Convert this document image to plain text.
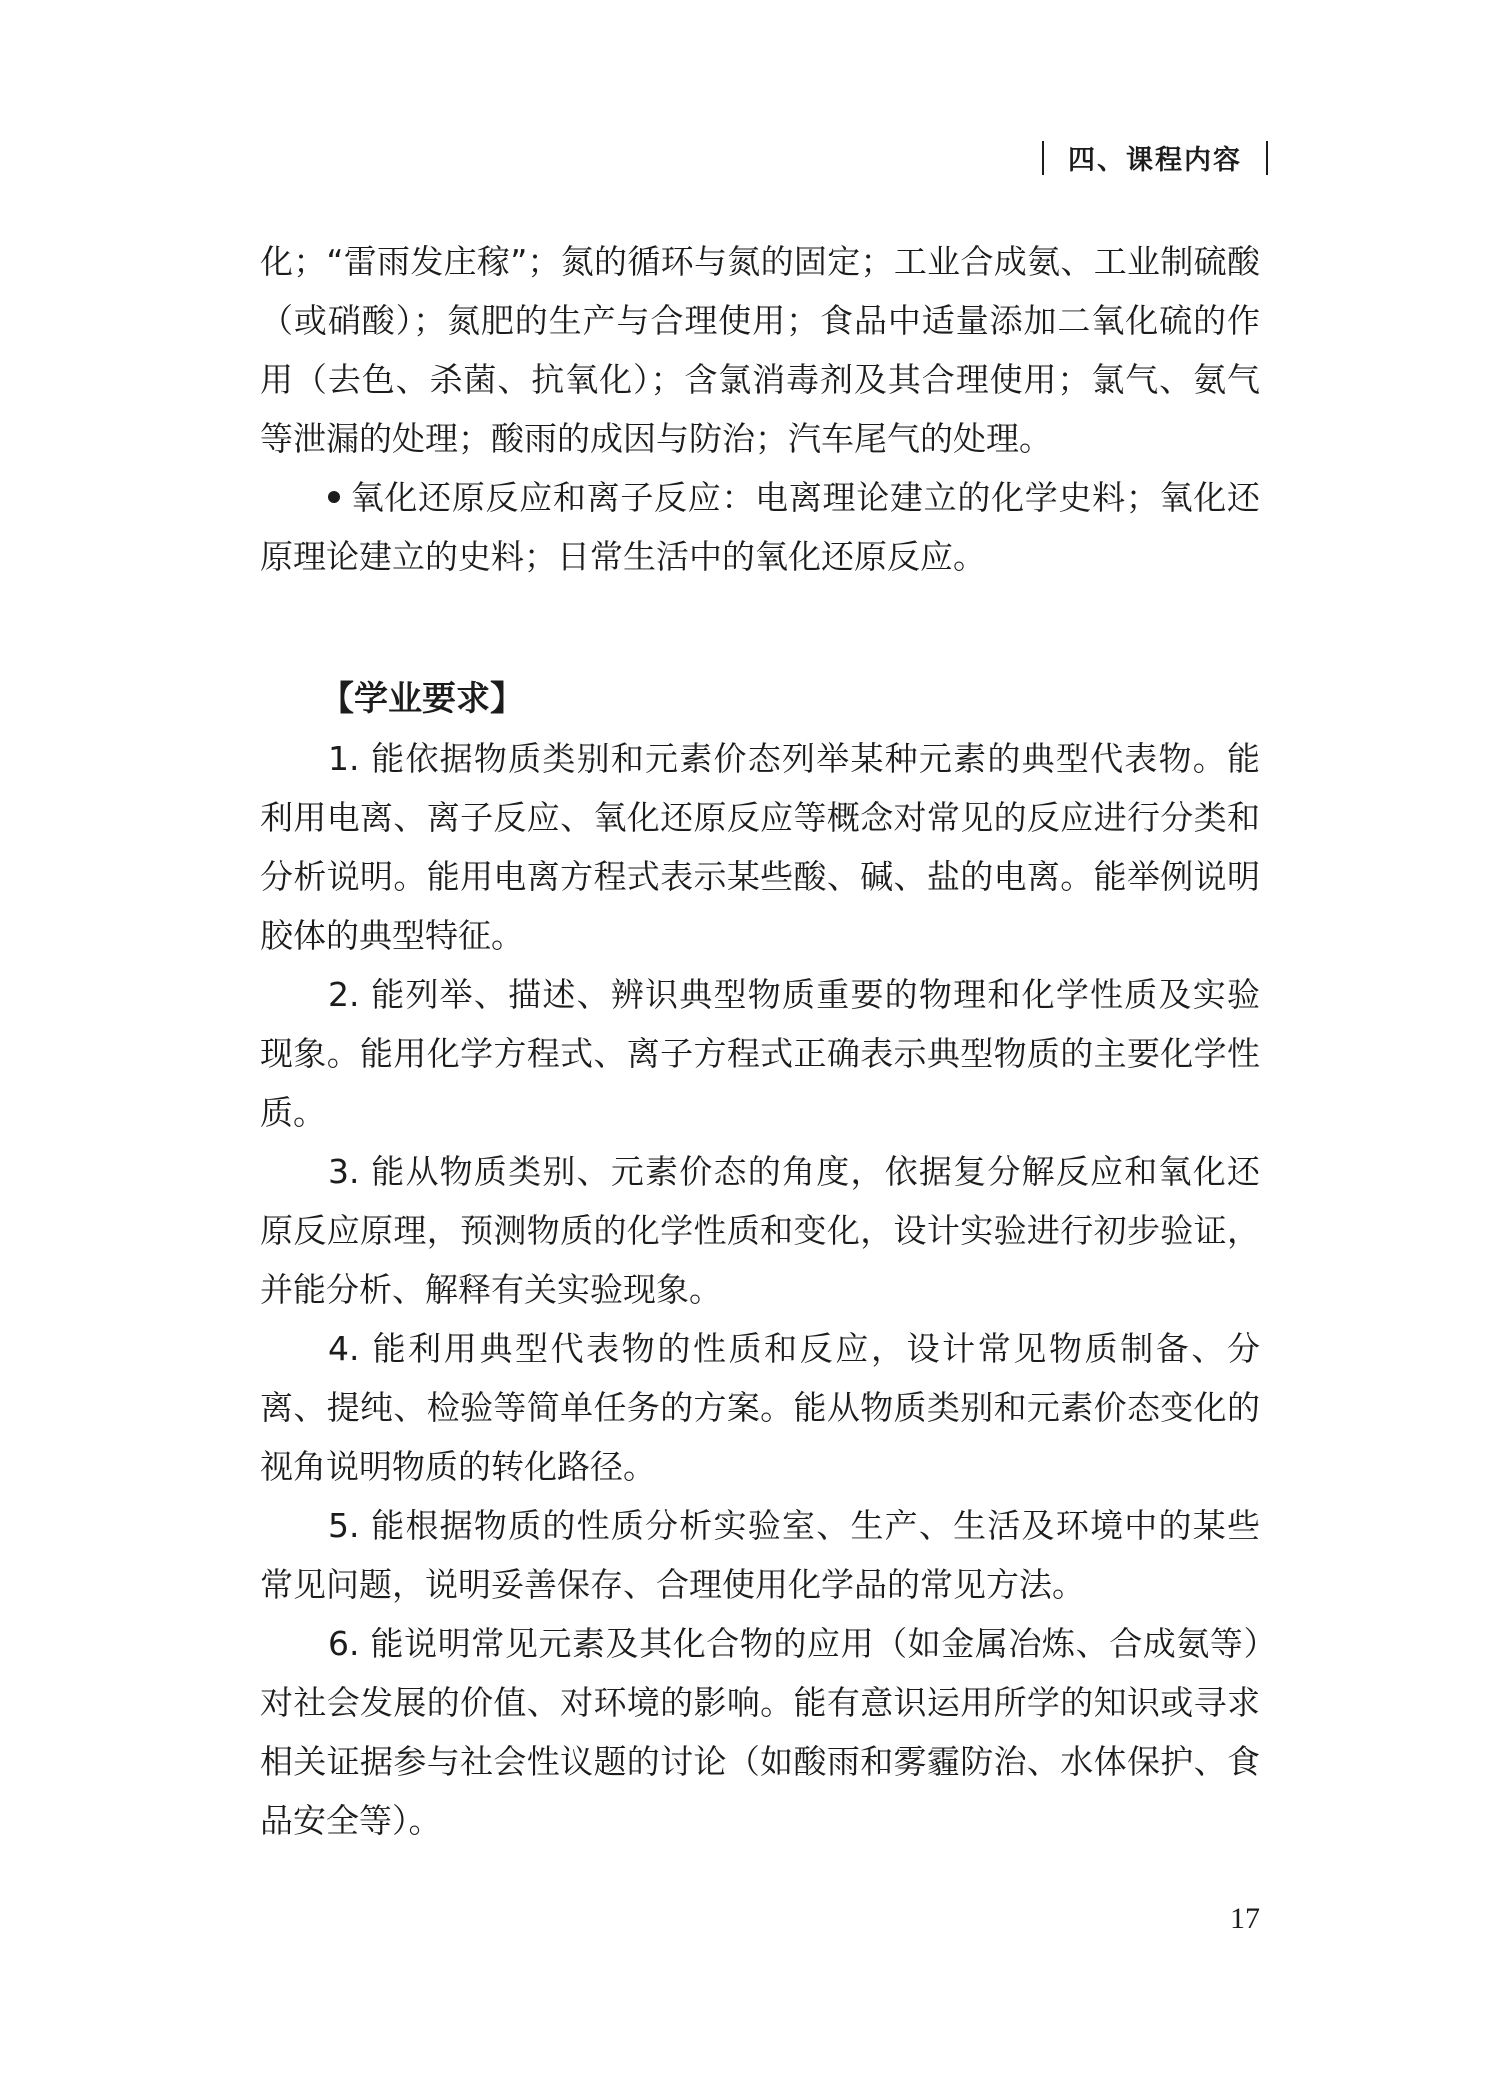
四、课程内容

化；“雷雨发庄稼”；氮的循环与氮的固定；工业合成氨、工业制硫酸（或硝酸）；氮肥的生产与合理使用；食品中适量添加二氧化硫的作用（去色、杀菌、抗氧化）；含氯消毒剂及其合理使用；氯气、氨气等泄漏的处理；酸雨的成因与防治；汽车尾气的处理。

氧化还原反应和离子反应：电离理论建立的化学史料；氧化还原理论建立的史料；日常生活中的氧化还原反应。

【学业要求】

1. 能依据物质类别和元素价态列举某种元素的典型代表物。能利用电离、离子反应、氧化还原反应等概念对常见的反应进行分类和分析说明。能用电离方程式表示某些酸、碱、盐的电离。能举例说明胶体的典型特征。

2. 能列举、描述、辨识典型物质重要的物理和化学性质及实验现象。能用化学方程式、离子方程式正确表示典型物质的主要化学性质。

3. 能从物质类别、元素价态的角度，依据复分解反应和氧化还原反应原理，预测物质的化学性质和变化，设计实验进行初步验证，并能分析、解释有关实验现象。

4. 能利用典型代表物的性质和反应，设计常见物质制备、分离、提纯、检验等简单任务的方案。能从物质类别和元素价态变化的视角说明物质的转化路径。

5. 能根据物质的性质分析实验室、生产、生活及环境中的某些常见问题，说明妥善保存、合理使用化学品的常见方法。

6. 能说明常见元素及其化合物的应用（如金属冶炼、合成氨等）对社会发展的价值、对环境的影响。能有意识运用所学的知识或寻求相关证据参与社会性议题的讨论（如酸雨和雾霾防治、水体保护、食品安全等）。

17
